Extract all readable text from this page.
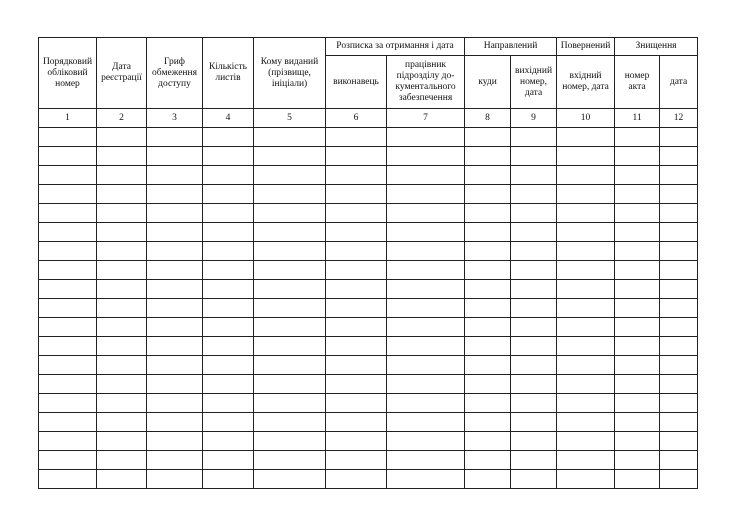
Порядковий обліковий номер	Дата реєстрації	Гриф обмеження доступу	Кількість листів	Кому виданий (прізвище, ініціали)	Розписка за отримання і дата		Направлений		Повернений	Знищення	
					виконавець	працівник підрозділу до-кументального забезпечення	куди	вихідний номер, дата	вхідний номер, дата	номер акта	дата
1	2	3	4	5	6	7	8	9	10	11	12
